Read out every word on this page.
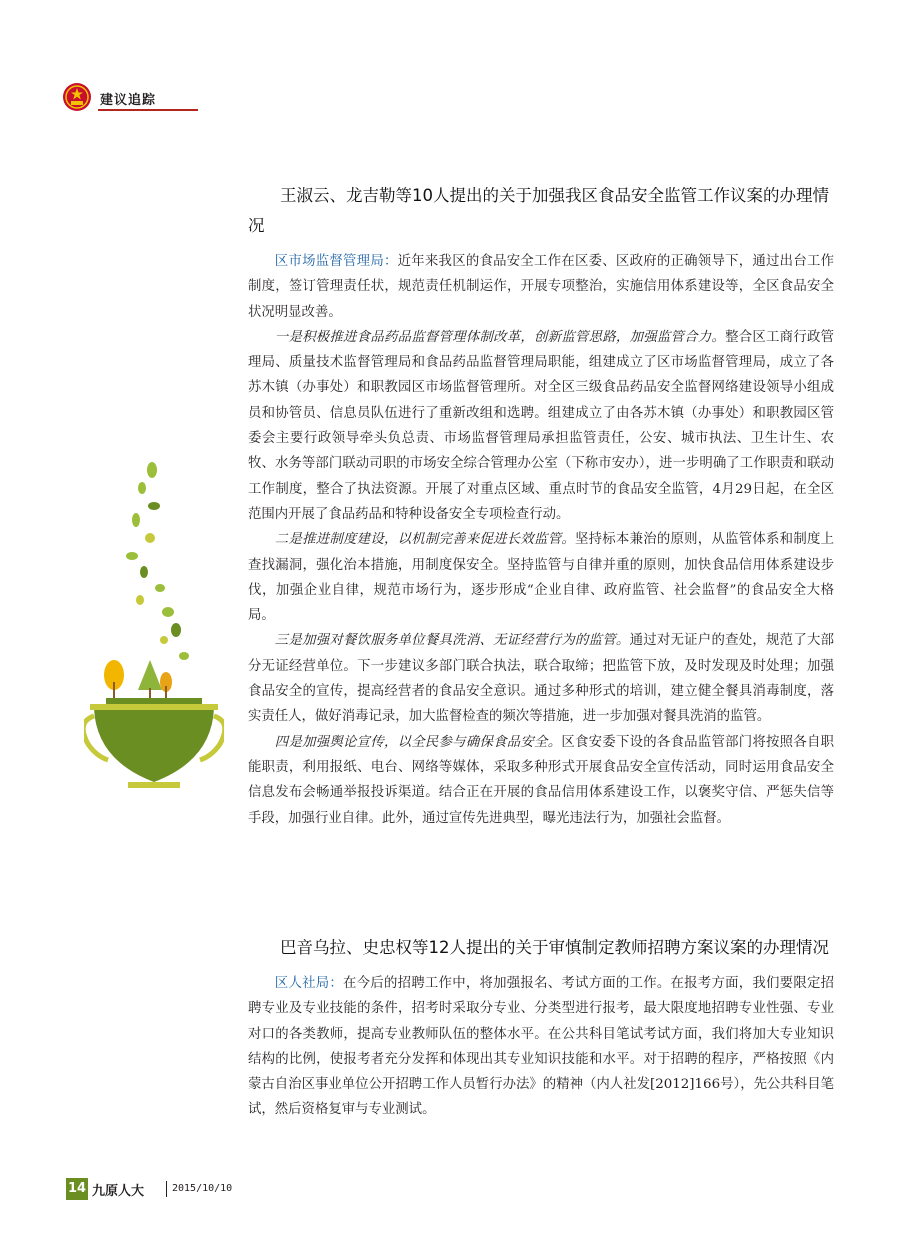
建议追踪
王淑云、龙吉勒等10人提出的关于加强我区食品安全监管工作议案的办理情况

区市场监督管理局：近年来我区的食品安全工作在区委、区政府的正确领导下，通过出台工作制度，签订管理责任状，规范责任机制运作，开展专项整治，实施信用体系建设等，全区食品安全状况明显改善。

一是积极推进食品药品监督管理体制改革，创新监管思路，加强监管合力。整合区工商行政管理局、质量技术监督管理局和食品药品监督管理局职能，组建成立了区市场监督管理局，成立了各苏木镇（办事处）和职教园区市场监督管理所。对全区三级食品药品安全监督网络建设领导小组成员和协管员、信息员队伍进行了重新改组和选聘。组建成立了由各苏木镇（办事处）和职教园区管委会主要行政领导牵头负总责、市场监督管理局承担监管责任，公安、城市执法、卫生计生、农牧、水务等部门联动司职的市场安全综合管理办公室（下称市安办），进一步明确了工作职责和联动工作制度，整合了执法资源。开展了对重点区域、重点时节的食品安全监管，4月29日起，在全区范围内开展了食品药品和特种设备安全专项检查行动。

二是推进制度建设，以机制完善来促进长效监管。坚持标本兼治的原则，从监管体系和制度上查找漏洞，强化治本措施，用制度保安全。坚持监管与自律并重的原则，加快食品信用体系建设步伐，加强企业自律，规范市场行为，逐步形成“企业自律、政府监管、社会监督”的食品安全大格局。

三是加强对餐饮服务单位餐具洗消、无证经营行为的监管。通过对无证户的查处，规范了大部分无证经营单位。下一步建议多部门联合执法，联合取缔；把监管下放，及时发现及时处理；加强食品安全的宣传，提高经营者的食品安全意识。通过多种形式的培训，建立健全餐具消毒制度，落实责任人，做好消毒记录，加大监督检查的频次等措施，进一步加强对餐具洗消的监管。

四是加强舆论宣传，以全民参与确保食品安全。区食安委下设的各食品监管部门将按照各自职能职责，利用报纸、电台、网络等媒体，采取多种形式开展食品安全宣传活动，同时运用食品安全信息发布会畅通举报投诉渠道。结合正在开展的食品信用体系建设工作，以褒奖守信、严惩失信等手段，加强行业自律。此外，通过宣传先进典型，曝光违法行为，加强社会监督。

巴音乌拉、史忠权等12人提出的关于审慎制定教师招聘方案议案的办理情况

区人社局：在今后的招聘工作中，将加强报名、考试方面的工作。在报考方面，我们要限定招聘专业及专业技能的条件，招考时采取分专业、分类型进行报考，最大限度地招聘专业性强、专业对口的各类教师，提高专业教师队伍的整体水平。在公共科目笔试考试方面，我们将加大专业知识结构的比例，使报考者充分发挥和体现出其专业知识技能和水平。对于招聘的程序，严格按照《内蒙古自治区事业单位公开招聘工作人员暂行办法》的精神（内人社发[2012]166号），先公共科目笔试，然后资格复审与专业测试。

14 九原人大	2015/10/10
